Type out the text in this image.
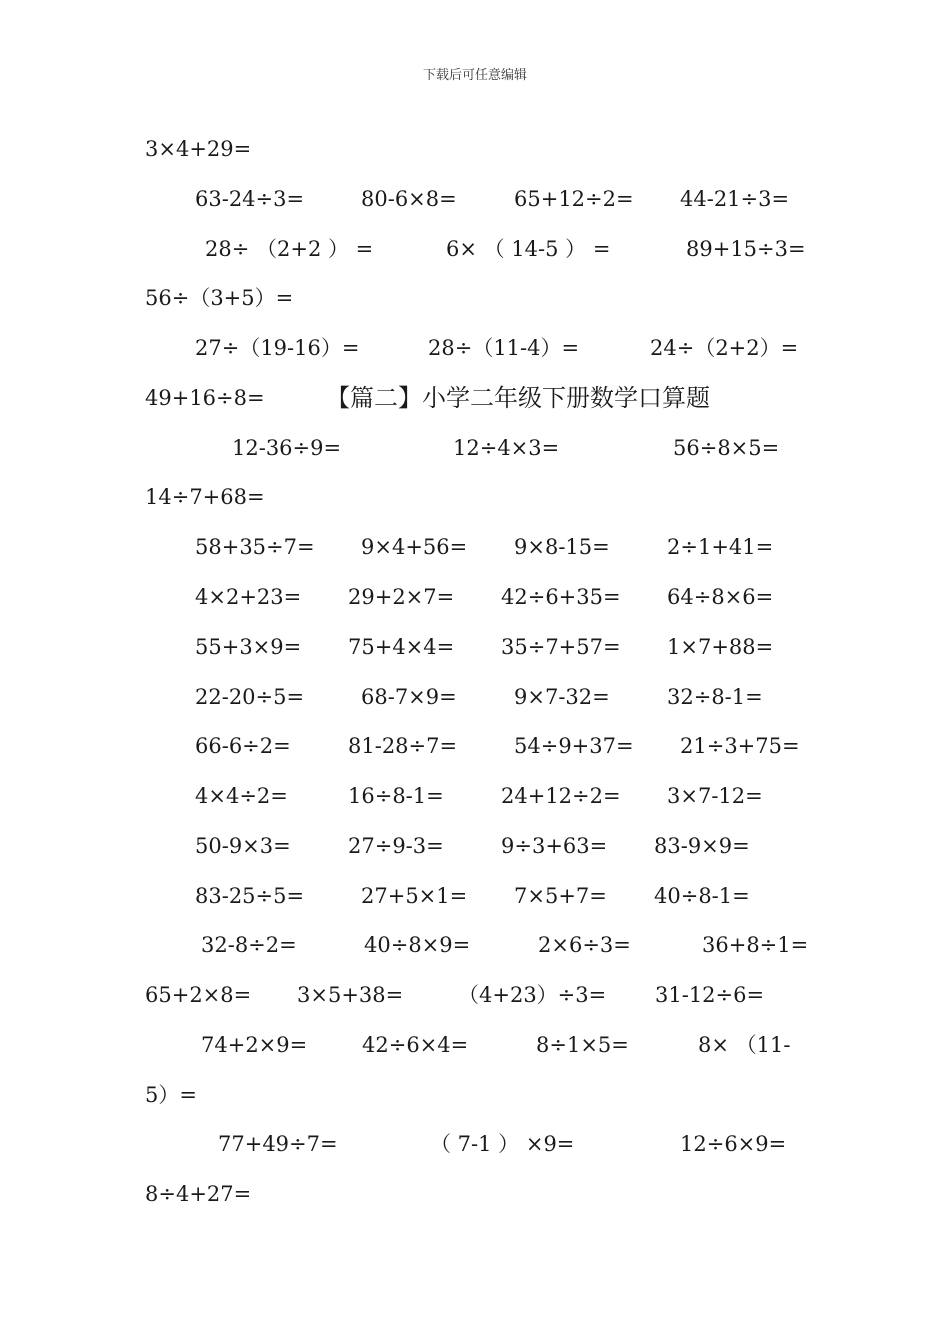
下载后可任意编辑
3×4+29=
63-24÷3=	80-6×8=	65+12÷2= 44-21÷3=
28÷ （2+2 ） =	6× （ 14-5 ） =	89+15÷3=
56÷（3+5）=
27÷（19-16）=	28÷（11-4）=	24÷（2+2）=
49+16÷8=	【篇二】小学二年级下册数学口算题
12-36÷9=	12÷4×3=	56÷8×5=
14÷7+68=
58+35÷7= 9×4+56= 9×8-15=	2÷1+41=
4×2+23= 29+2×7= 42÷6+35= 64÷8×6=
55+3×9= 75+4×4= 35÷7+57= 1×7+88=
22-20÷5=	68-7×9=	9×7-32=	32÷8-1=
66-6÷2=	81-28÷7=	54÷9+37= 21÷3+75=
4×4÷2=	16÷8-1=	24+12÷2= 3×7-12=
50-9×3=	27÷9-3=	9÷3+63= 83-9×9=
83-25÷5=	27+5×1= 7×5+7= 40÷8-1=
32-8÷2=	40÷8×9=	2×6÷3=	36+8÷1=
65+2×8= 3×5+38=	（4+23）÷3= 31-12÷6=
74+2×9=	42÷6×4=	8÷1×5=	8× （11-
5）=
77+49÷7=	（ 7-1 ） ×9=	12÷6×9=
8÷4+27=
